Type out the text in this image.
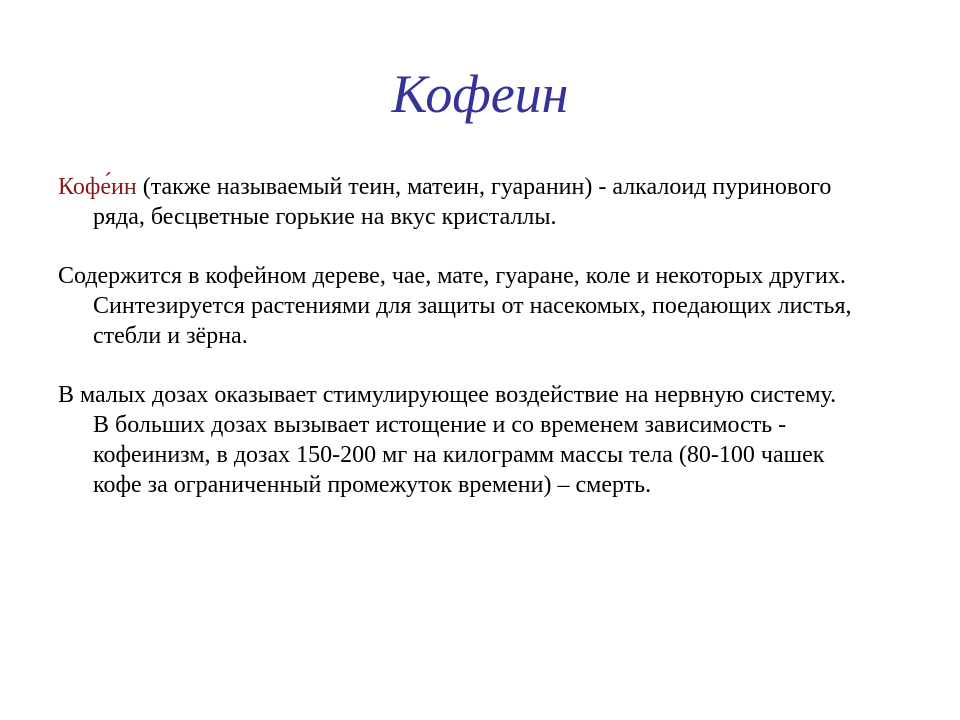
Кофеин

Кофе́ин (также называемый теин, матеин, гуаранин) - алкалоид пуринового ряда, бесцветные горькие на вкус кристаллы.

Содержится в кофейном дереве, чае, мате, гуаране, коле и некоторых других. Синтезируется растениями для защиты от насекомых, поедающих листья, стебли и зёрна.

В малых дозах оказывает стимулирующее воздействие на нервную систему. В больших дозах вызывает истощение и со временем зависимость - кофеинизм, в дозах 150-200 мг на килограмм массы тела (80-100 чашек кофе за ограниченный промежуток времени) – смерть.
